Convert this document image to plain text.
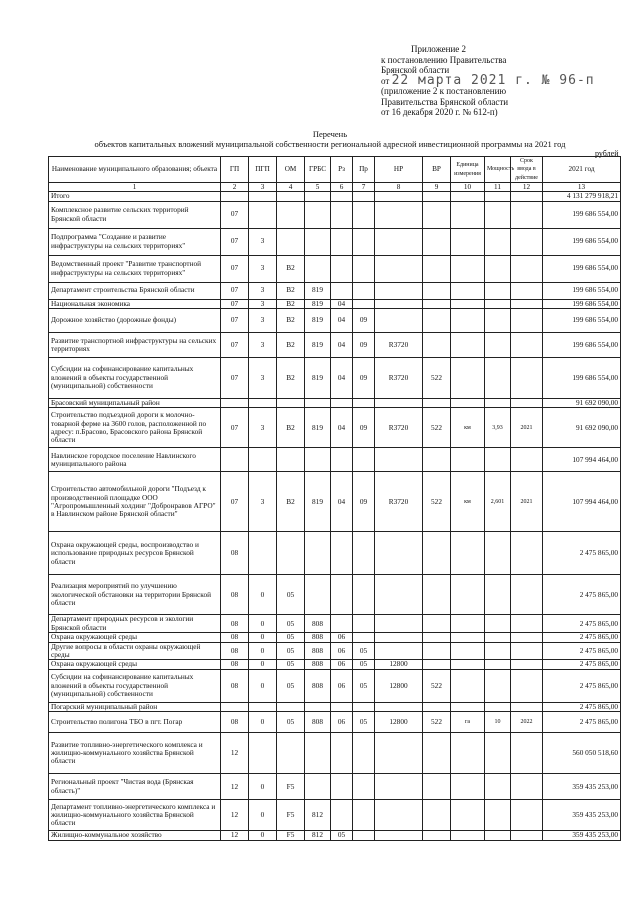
Приложение 2
к постановлению Правительства
Брянской области
от 22 марта 2021 г. № 96-п
(приложение 2 к постановлению
Правительства Брянской области
от 16 декабря 2020 г. № 612-п)
Перечень
объектов капитальных вложений муниципальной собственности региональной адресной инвестиционной программы на 2021 год
рублей
Наименование муниципального образования; объекта	ГП	ПГП	ОМ	ГРБС	Рз	Пр	НР	ВР	Единица измерения	Мощность	Срок ввода в действие	2021 год
1	2	3	4	5	6	7	8	9	10	11	12	13
Итого												4 131 279 918,21
Комплексное развитие сельских территорий Брянской области	07											199 686 554,00
Подпрограмма "Создание и развитие инфраструктуры на сельских территориях"	07	3										199 686 554,00
Ведомственный проект "Развитие транспортной инфраструктуры на сельских территориях"	07	3	В2									199 686 554,00
Департамент строительства Брянской области	07	3	В2	819								199 686 554,00
Национальная экономика	07	3	В2	819	04							199 686 554,00
Дорожное хозяйство (дорожные фонды)	07	3	В2	819	04	09						199 686 554,00
Развитие транспортной инфраструктуры на сельских территориях	07	3	В2	819	04	09	R3720					199 686 554,00
Субсидии на софинансирование капитальных вложений в объекты государственной (муниципальной) собственности	07	3	В2	819	04	09	R3720	522				199 686 554,00
Брасовский муниципальный район												91 692 090,00
Строительство подъездной дороги к молочно-товарной ферме на 3600 голов, расположенной по адресу: п.Брасово, Брасовского района Брянской области	07	3	В2	819	04	09	R3720	522	км	3,93	2021	91 692 090,00
Навлинское городское поселение Навлинского муниципального района												107 994 464,00
Строительство автомобильной дороги "Подъезд к производственной площадке ООО "Агропромышленный холдинг "Добронравов АГРО" в Навлинском районе Брянской области"	07	3	В2	819	04	09	R3720	522	км	2,601	2021	107 994 464,00
Охрана окружающей среды, воспроизводство и использование природных ресурсов Брянской области	08											2 475 865,00
Реализация мероприятий по улучшению экологической обстановки на территории Брянской области	08	0	05									2 475 865,00
Департамент природных ресурсов и экологии Брянской области	08	0	05	808								2 475 865,00
Охрана окружающей среды	08	0	05	808	06							2 475 865,00
Другие вопросы в области охраны окружающей среды	08	0	05	808	06	05						2 475 865,00
Охрана окружающей среды	08	0	05	808	06	05	12800					2 475 865,00
Субсидии на софинансирование капитальных вложений в объекты государственной (муниципальной) собственности	08	0	05	808	06	05	12800	522				2 475 865,00
Погарский муниципальный район												2 475 865,00
Строительство полигона ТБО в пгт. Погар	08	0	05	808	06	05	12800	522	га	10	2022	2 475 865,00
Развитие топливно-энергетического комплекса и жилищно-коммунального хозяйства Брянской области	12											560 050 518,60
Региональный проект "Чистая вода (Брянская область)"	12	0	F5									359 435 253,00
Департамент топливно-энергетического комплекса и жилищно-коммунального хозяйства Брянской области	12	0	F5	812								359 435 253,00
Жилищно-коммунальное хозяйство	12	0	F5	812	05							359 435 253,00
